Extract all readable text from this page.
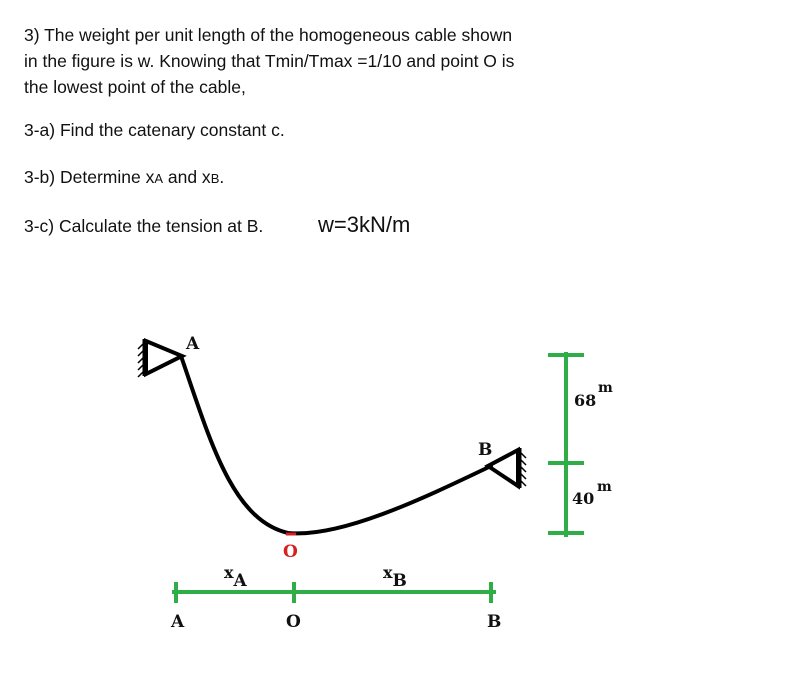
3) The weight per unit length of the homogeneous cable shown

in the figure is w. Knowing that Tmin/Tmax =1/10 and point O is

the lowest point of the cable,

3-a) Find the catenary constant c.
3-b) Determine xA and xB.
3-c) Calculate the tension at B. w=3kN/m
A
B
O
xA	xB
A	O	B
68
m
40
m
